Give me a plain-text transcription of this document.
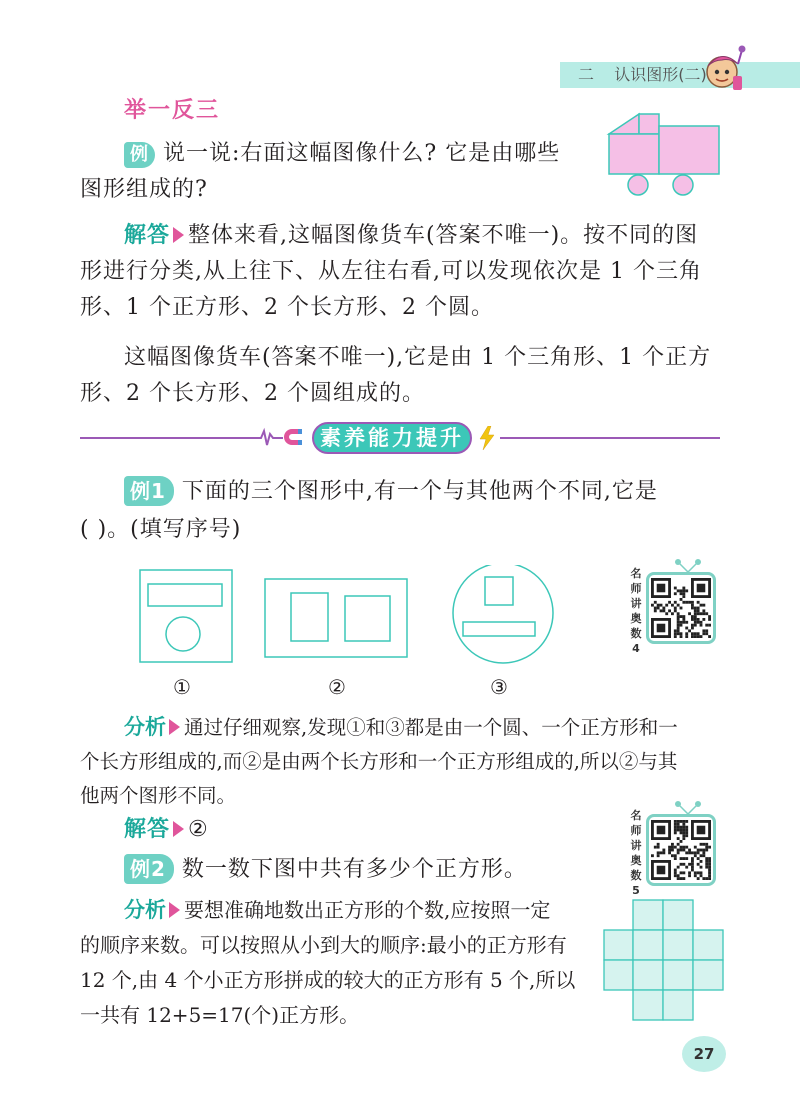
二 认识图形(二)
举一反三
例 说一说:右面这幅图像什么? 它是由哪些
图形组成的?
解答 整体来看,这幅图像货车(答案不唯一)。按不同的图
形进行分类,从上往下、从左往右看,可以发现依次是 1 个三角
形、1 个正方形、2 个长方形、2 个圆。
这幅图像货车(答案不唯一),它是由 1 个三角形、1 个正方
形、2 个长方形、2 个圆组成的。
素养能力提升
例1 下面的三个图形中,有一个与其他两个不同,它是
( )。(填写序号)
①	②	③
名
师
讲
奥
数
4
分析 通过仔细观察,发现①和③都是由一个圆、一个正方形和一
个长方形组成的,而②是由两个长方形和一个正方形组成的,所以②与其
他两个图形不同。
解答 ②
名
师
讲
奥
数
5
例2 数一数下图中共有多少个正方形。
分析 要想准确地数出正方形的个数,应按照一定
的顺序来数。可以按照从小到大的顺序:最小的正方形有
12 个,由 4 个小正方形拼成的较大的正方形有 5 个,所以
一共有 12+5=17(个)正方形。
27
